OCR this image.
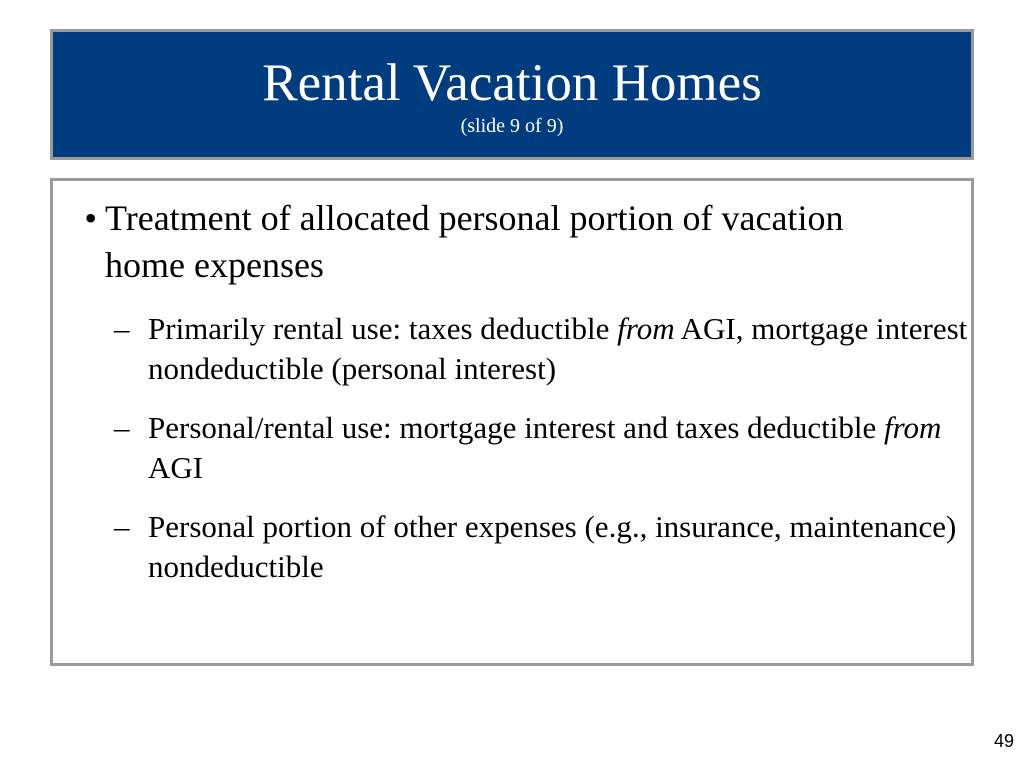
Rental Vacation Homes
(slide 9 of 9)
• Treatment of allocated personal portion of vacation home expenses
– Primarily rental use: taxes deductible from AGI, mortgage interest nondeductible (personal interest)
– Personal/rental use: mortgage interest and taxes deductible from AGI
– Personal portion of other expenses (e.g., insurance, maintenance) nondeductible
49
